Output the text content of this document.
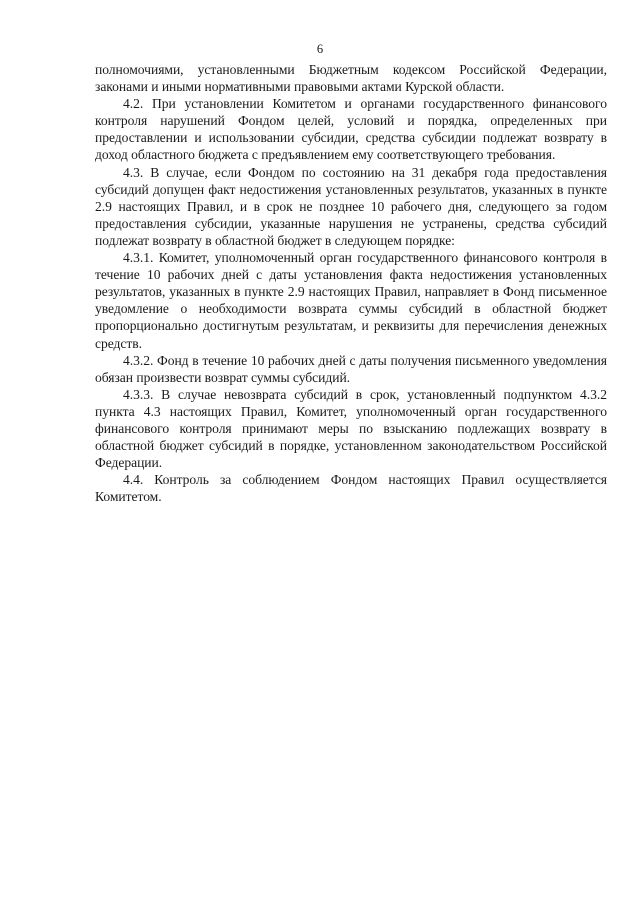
6

полномочиями, установленными Бюджетным кодексом Российской Федерации, законами и иными нормативными правовыми актами Курской области.

4.2. При установлении Комитетом и органами государственного финансового контроля нарушений Фондом целей, условий и порядка, определенных при предоставлении и использовании субсидии, средства субсидии подлежат возврату в доход областного бюджета с предъявлением ему соответствующего требования.

4.3. В случае, если Фондом по состоянию на 31 декабря года предоставления субсидий допущен факт недостижения установленных результатов, указанных в пункте 2.9 настоящих Правил, и в срок не позднее 10 рабочего дня, следующего за годом предоставления субсидии, указанные нарушения не устранены, средства субсидий подлежат возврату в областной бюджет в следующем порядке:

4.3.1. Комитет, уполномоченный орган государственного финансового контроля в течение 10 рабочих дней с даты установления факта недостижения установленных результатов, указанных в пункте 2.9 настоящих Правил, направляет в Фонд письменное уведомление о необходимости возврата суммы субсидий в областной бюджет пропорционально достигнутым результатам, и реквизиты для перечисления денежных средств.

4.3.2. Фонд в течение 10 рабочих дней с даты получения письменного уведомления обязан произвести возврат суммы субсидий.

4.3.3. В случае невозврата субсидий в срок, установленный подпунктом 4.3.2 пункта 4.3 настоящих Правил, Комитет, уполномоченный орган государственного финансового контроля принимают меры по взысканию подлежащих возврату в областной бюджет субсидий в порядке, установленном законодательством Российской Федерации.

4.4. Контроль за соблюдением Фондом настоящих Правил осуществляется Комитетом.
